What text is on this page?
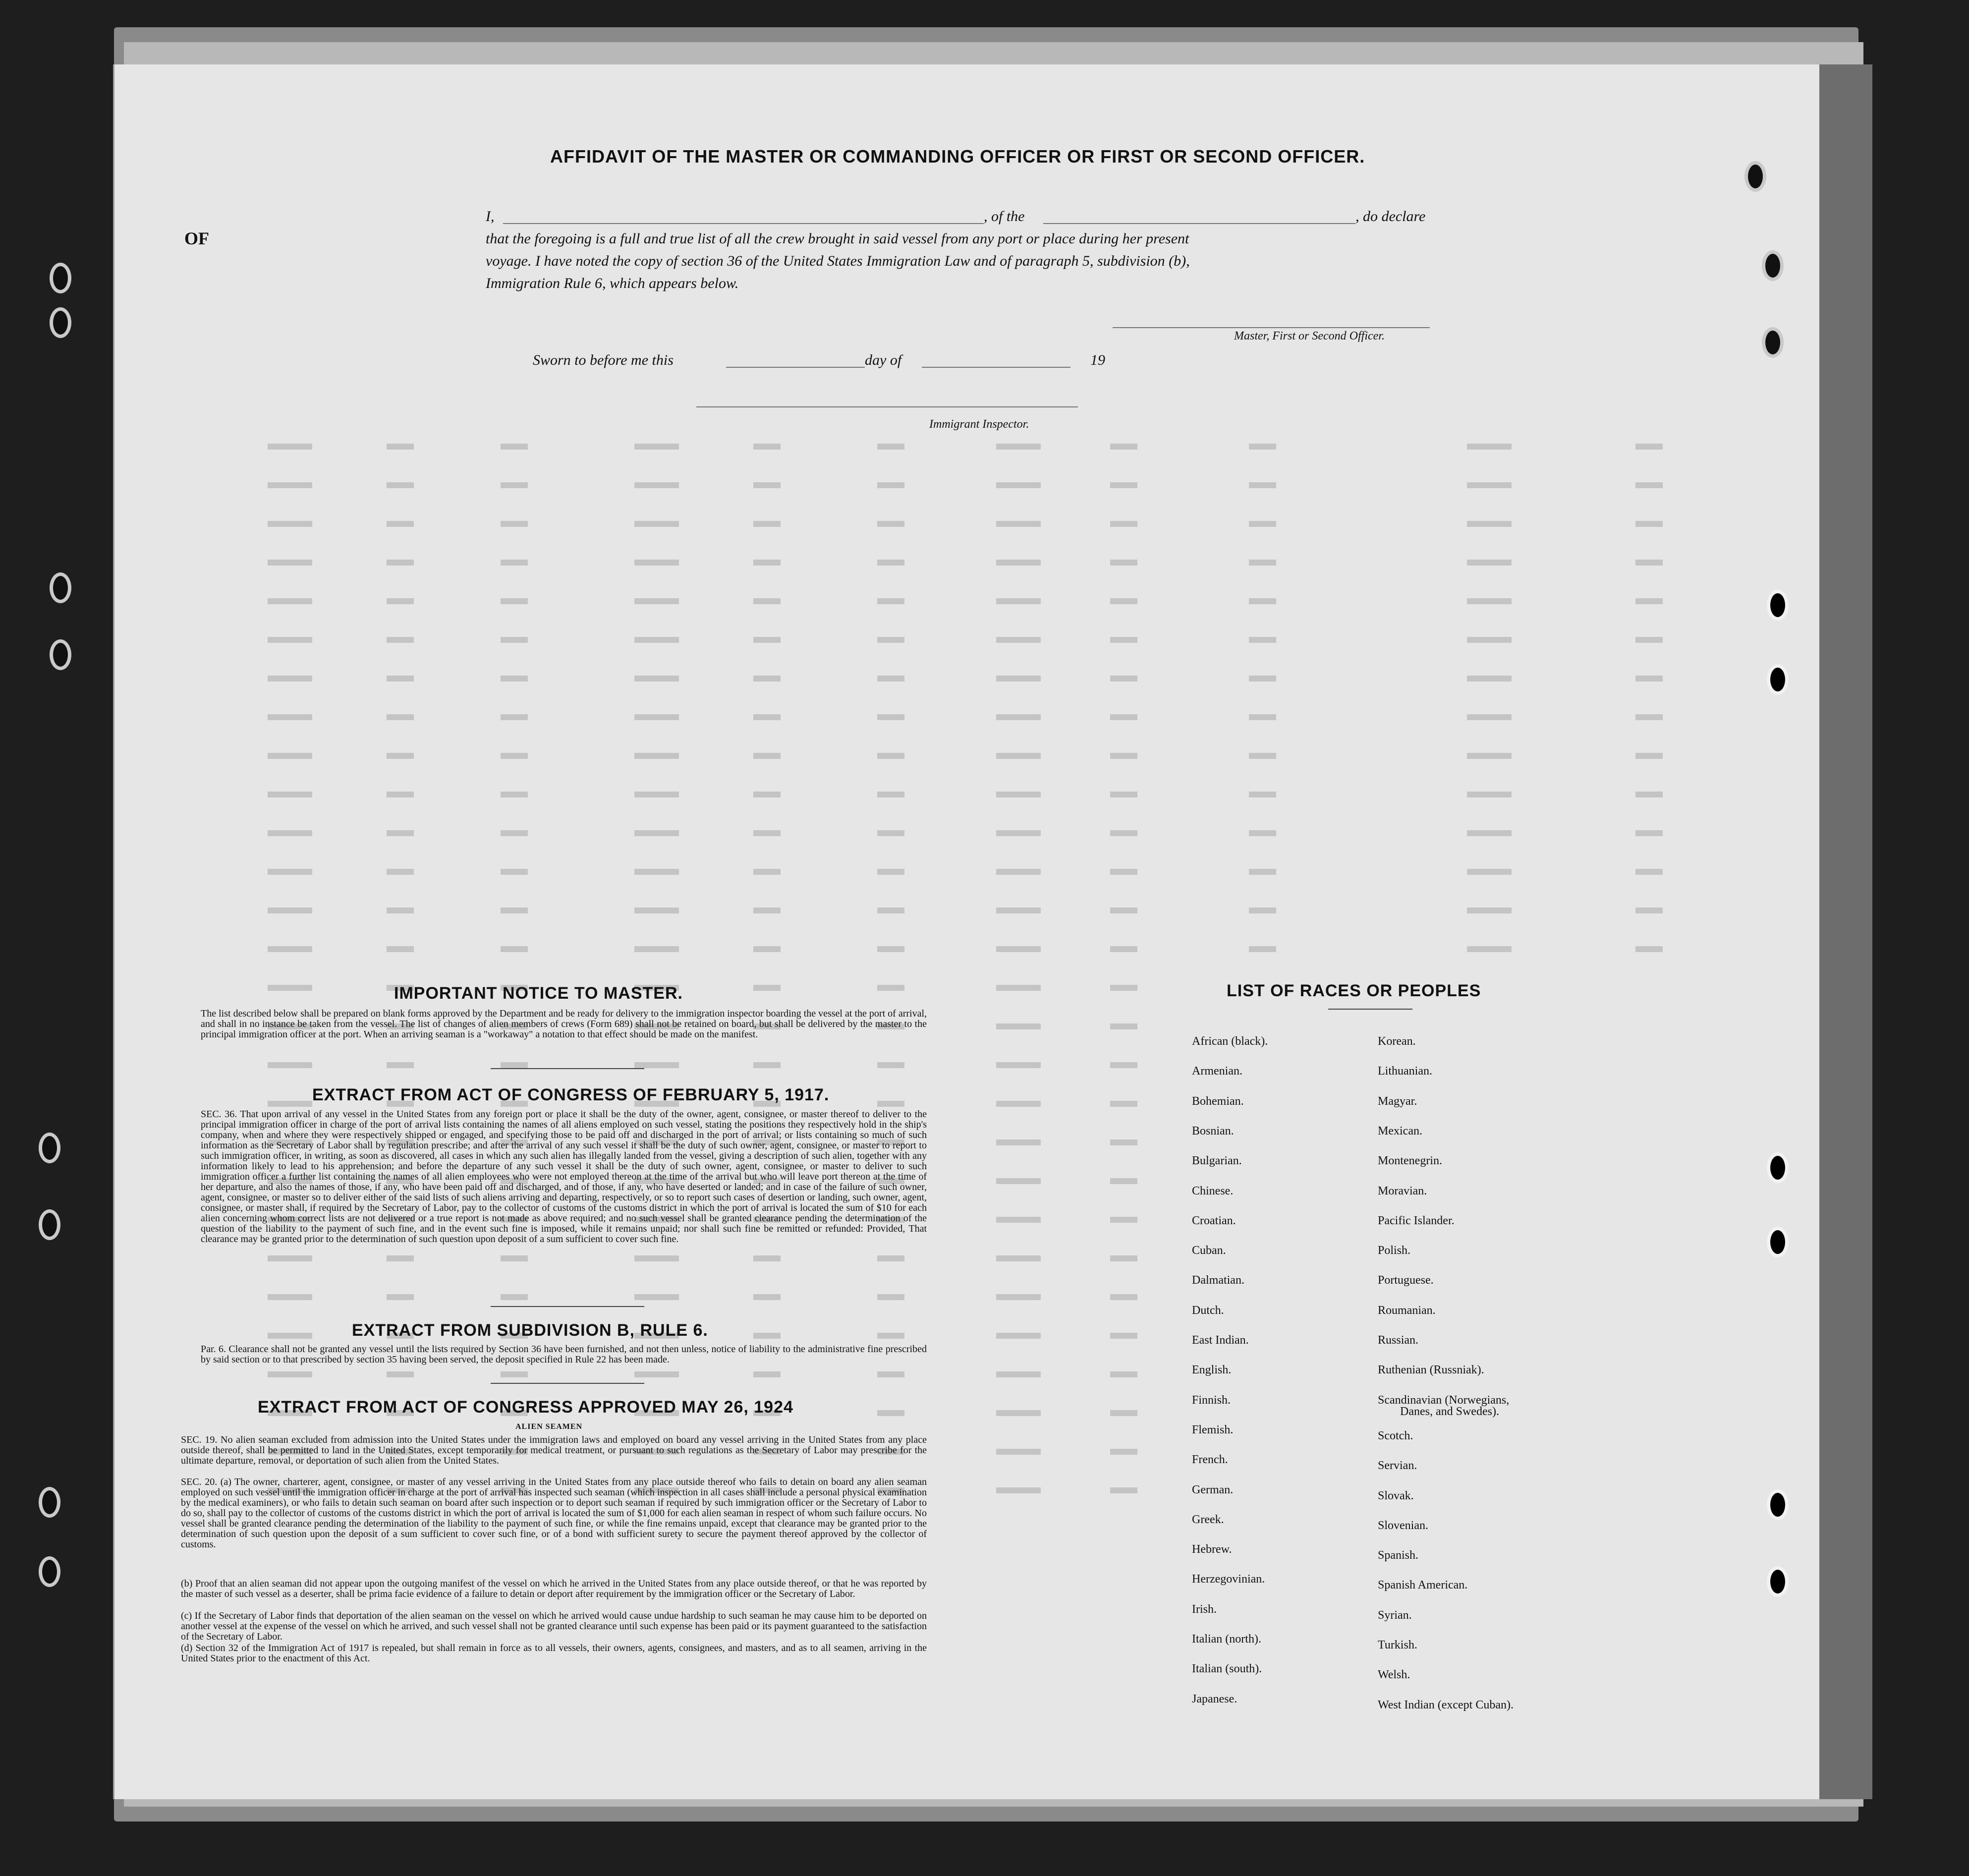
OF
AFFIDAVIT OF THE MASTER OR COMMANDING OFFICER OR FIRST OR SECOND OFFICER.
I,	, of the	, do declare
that the foregoing is a full and true list of all the crew brought in said vessel from any port or place during her present
voyage. I have noted the copy of section 36 of the United States Immigration Law and of paragraph 5, subdivision (b),
Immigration Rule 6, which appears below.
Master, First or Second Officer.
Sworn to before me this	day of	19
Immigrant Inspector.
IMPORTANT NOTICE TO MASTER.
The list described below shall be prepared on blank forms approved by the Department and be ready for delivery to the immigration inspector boarding the vessel at the port of arrival, and shall in no instance be taken from the vessel. The list of changes of alien members of crews (Form 689) shall not be retained on board, but shall be delivered by the master to the principal immigration officer at the port. When an arriving seaman is a "workaway" a notation to that effect should be made on the manifest.
EXTRACT FROM ACT OF CONGRESS OF FEBRUARY 5, 1917.
SEC. 36. That upon arrival of any vessel in the United States from any foreign port or place it shall be the duty of the owner, agent, consignee, or master thereof to deliver to the principal immigration officer in charge of the port of arrival lists containing the names of all aliens employed on such vessel, stating the positions they respectively hold in the ship's company, when and where they were respectively shipped or engaged, and specifying those to be paid off and discharged in the port of arrival; or lists containing so much of such information as the Secretary of Labor shall by regulation prescribe; and after the arrival of any such vessel it shall be the duty of such owner, agent, consignee, or master to report to such immigration officer, in writing, as soon as discovered, all cases in which any such alien has illegally landed from the vessel, giving a description of such alien, together with any information likely to lead to his apprehension; and before the departure of any such vessel it shall be the duty of such owner, agent, consignee, or master to deliver to such immigration officer a further list containing the names of all alien employees who were not employed thereon at the time of the arrival but who will leave port thereon at the time of her departure, and also the names of those, if any, who have been paid off and discharged, and of those, if any, who have deserted or landed; and in case of the failure of such owner, agent, consignee, or master so to deliver either of the said lists of such aliens arriving and departing, respectively, or so to report such cases of desertion or landing, such owner, agent, consignee, or master shall, if required by the Secretary of Labor, pay to the collector of customs of the customs district in which the port of arrival is located the sum of $10 for each alien concerning whom correct lists are not delivered or a true report is not made as above required; and no such vessel shall be granted clearance pending the determination of the question of the liability to the payment of such fine, and in the event such fine is imposed, while it remains unpaid; nor shall such fine be remitted or refunded: Provided, That clearance may be granted prior to the determination of such question upon deposit of a sum sufficient to cover such fine.
EXTRACT FROM SUBDIVISION B, RULE 6.
Par. 6. Clearance shall not be granted any vessel until the lists required by Section 36 have been furnished, and not then unless, notice of liability to the administrative fine prescribed by said section or to that prescribed by section 35 having been served, the deposit specified in Rule 22 has been made.
EXTRACT FROM ACT OF CONGRESS APPROVED MAY 26, 1924
ALIEN SEAMEN
SEC. 19. No alien seaman excluded from admission into the United States under the immigration laws and employed on board any vessel arriving in the United States from any place outside thereof, shall be permitted to land in the United States, except temporarily for medical treatment, or pursuant to such regulations as the Secretary of Labor may prescribe for the ultimate departure, removal, or deportation of such alien from the United States.
SEC. 20. (a) The owner, charterer, agent, consignee, or master of any vessel arriving in the United States from any place outside thereof who fails to detain on board any alien seaman employed on such vessel until the immigration officer in charge at the port of arrival has inspected such seaman (which inspection in all cases shall include a personal physical examination by the medical examiners), or who fails to detain such seaman on board after such inspection or to deport such seaman if required by such immigration officer or the Secretary of Labor to do so, shall pay to the collector of customs of the customs district in which the port of arrival is located the sum of $1,000 for each alien seaman in respect of whom such failure occurs. No vessel shall be granted clearance pending the determination of the liability to the payment of such fine, or while the fine remains unpaid, except that clearance may be granted prior to the determination of such question upon the deposit of a sum sufficient to cover such fine, or of a bond with sufficient surety to secure the payment thereof approved by the collector of customs.
(b) Proof that an alien seaman did not appear upon the outgoing manifest of the vessel on which he arrived in the United States from any place outside thereof, or that he was reported by the master of such vessel as a deserter, shall be prima facie evidence of a failure to detain or deport after requirement by the immigration officer or the Secretary of Labor.
(c) If the Secretary of Labor finds that deportation of the alien seaman on the vessel on which he arrived would cause undue hardship to such seaman he may cause him to be deported on another vessel at the expense of the vessel on which he arrived, and such vessel shall not be granted clearance until such expense has been paid or its payment guaranteed to the satisfaction of the Secretary of Labor.
(d) Section 32 of the Immigration Act of 1917 is repealed, but shall remain in force as to all vessels, their owners, agents, consignees, and masters, and as to all seamen, arriving in the United States prior to the enactment of this Act.
LIST OF RACES OR PEOPLES
Danes, and Swedes).
African (black).
Armenian.
Bohemian.
Bosnian.
Bulgarian.
Chinese.
Croatian.
Cuban.
Dalmatian.
Dutch.
East Indian.
English.
Finnish.
Flemish.
French.
German.
Greek.
Hebrew.
Herzegovinian.
Irish.
Italian (north).
Italian (south).
Japanese.
Korean.
Lithuanian.
Magyar.
Mexican.
Montenegrin.
Moravian.
Pacific Islander.
Polish.
Portuguese.
Roumanian.
Russian.
Ruthenian (Russniak).
Scandinavian (Norwegians,
Scotch.
Servian.
Slovak.
Slovenian.
Spanish.
Spanish American.
Syrian.
Turkish.
Welsh.
West Indian (except Cuban).
